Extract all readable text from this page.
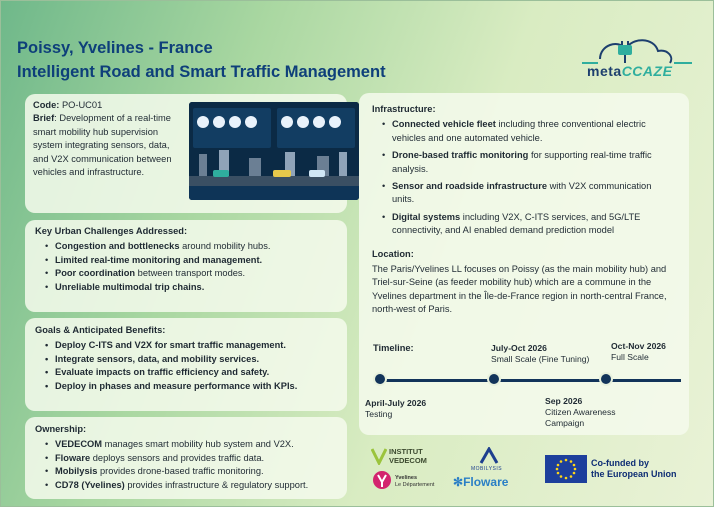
Poissy, Yvelines - France
Intelligent Road and Smart Traffic Management	metaCCAZE
Code: PO-UC01
Brief: Development of a real-time smart mobility hub supervision system integrating sensors, data, and V2X communication between vehicles and infrastructure.
Key Urban Challenges Addressed:
• Congestion and bottlenecks around mobility hubs.
• Limited real-time monitoring and management.
• Poor coordination between transport modes.
• Unreliable multimodal trip chains.
Goals & Anticipated Benefits:
• Deploy C-ITS and V2X for smart traffic management.
• Integrate sensors, data, and mobility services.
• Evaluate impacts on traffic efficiency and safety.
• Deploy in phases and measure performance with KPIs.
Ownership:
• VEDECOM manages smart mobility hub system and V2X.
• Floware deploys sensors and provides traffic data.
• Mobilysis provides drone-based traffic monitoring.
• CD78 (Yvelines) provides infrastructure & regulatory support.
Infrastructure:
• Connected vehicle fleet including three conventional electric vehicles and one automated vehicle.
• Drone-based traffic monitoring for supporting real-time traffic analysis.
• Sensor and roadside infrastructure with V2X communication units.
• Digital systems including V2X, C-ITS services, and 5G/LTE connectivity, and AI enabled demand prediction model
Location:
The Paris/Yvelines LL focuses on Poissy (as the main mobility hub) and Triel-sur-Seine (as feeder mobility hub) which are a commune in the Yvelines department in the Île-de-France region in north-central France, north-west of Paris.
Timeline:
April-July 2026
Testing
July-Oct 2026
Small Scale (Fine Tuning)
Sep 2026
Citizen Awareness Campaign
Oct-Nov 2026
Full Scale
INSTITUT
VEDECOM
Yvelines
Le Département
MOBILYSIS
✻Floware
Co-funded by
the European Union
